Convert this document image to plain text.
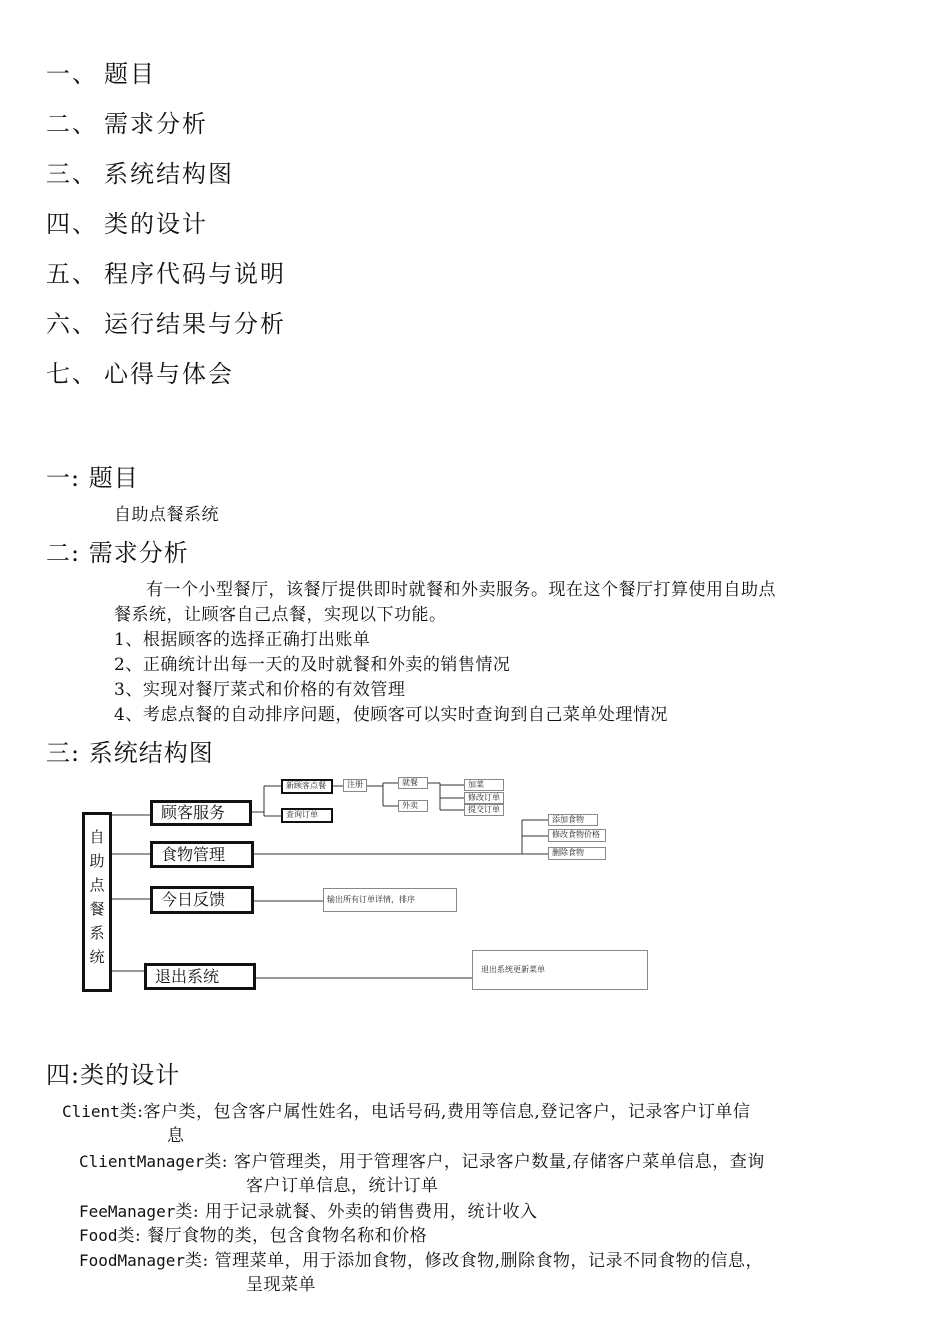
一、 题目
二、 需求分析
三、 系统结构图
四、 类的设计
五、 程序代码与说明
六、 运行结果与分析
七、 心得与体会
一: 题目
自助点餐系统
二: 需求分析
有一个小型餐厅，该餐厅提供即时就餐和外卖服务。现在这个餐厅打算使用自助点
餐系统，让顾客自己点餐，实现以下功能。
1、根据顾客的选择正确打出账单
2、正确统计出每一天的及时就餐和外卖的销售情况
3、实现对餐厅菜式和价格的有效管理
4、考虑点餐的自动排序问题，使顾客可以实时查询到自己菜单处理情况
三: 系统结构图
自
助
点
餐
系
统
顾客服务
食物管理
今日反馈
退出系统
新顾客点餐
查询订单
注册	就餐
外卖
加菜
修改订单
提交订单
添加食物
修改食物价格
删除食物
输出所有订单详情，排序
退出系统更新菜单
四:类的设计
Client类:客户类，包含客户属性姓名，电话号码,费用等信息,登记客户，记录客户订单信
息
ClientManager类: 客户管理类，用于管理客户，记录客户数量,存储客户菜单信息，查询
客户订单信息，统计订单
FeeManager类: 用于记录就餐、外卖的销售费用，统计收入
Food类: 餐厅食物的类，包含食物名称和价格
FoodManager类: 管理菜单，用于添加食物，修改食物,删除食物，记录不同食物的信息，
呈现菜单
